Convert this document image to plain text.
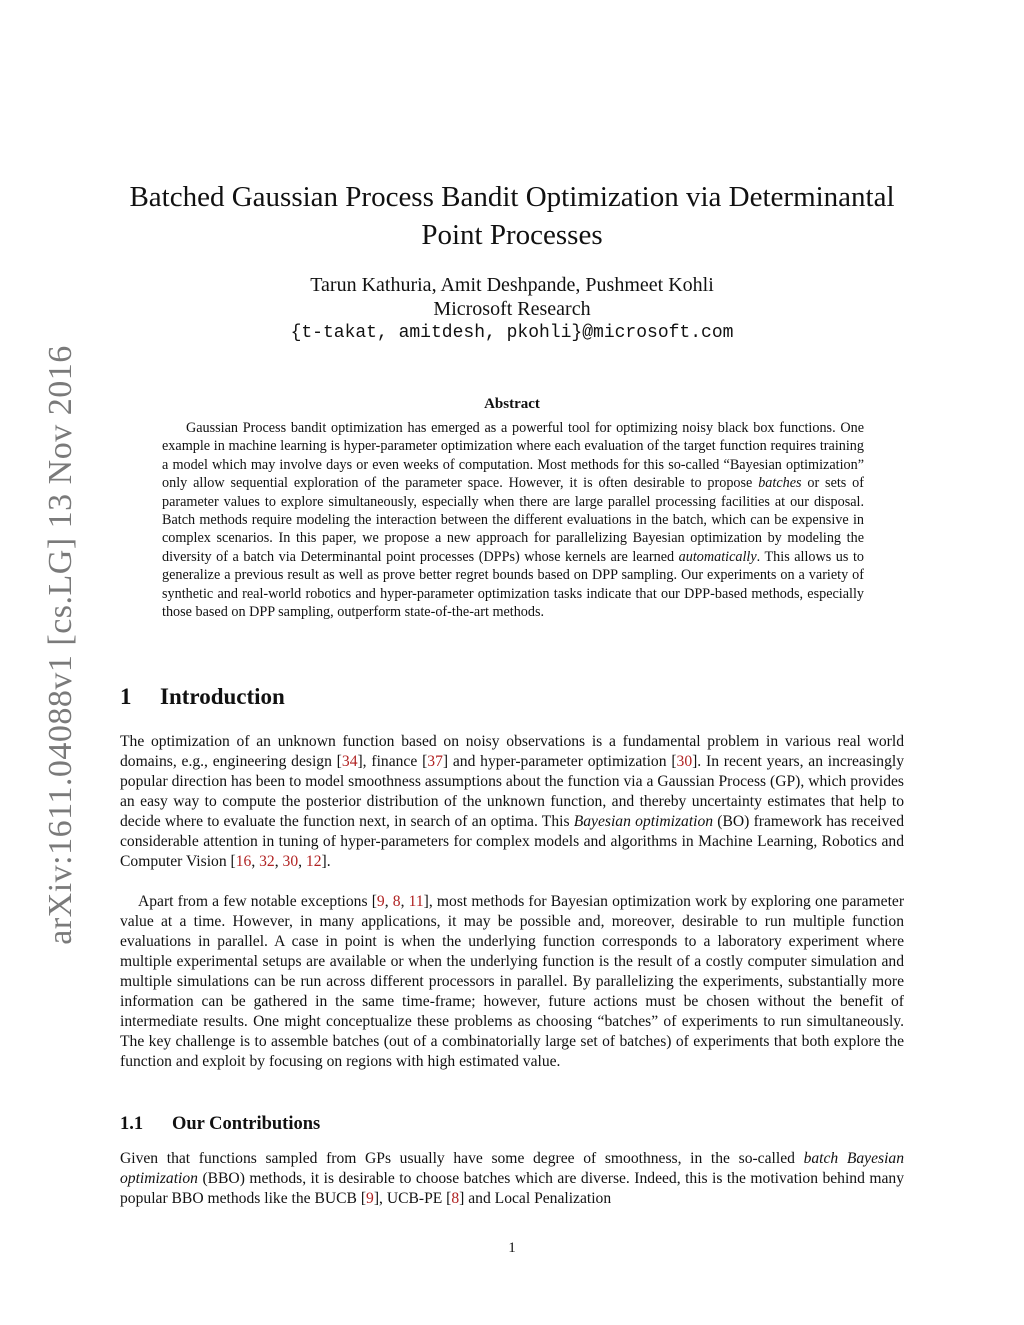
arXiv:1611.04088v1 [cs.LG] 13 Nov 2016
Batched Gaussian Process Bandit Optimization via Determinantal Point Processes
Tarun Kathuria, Amit Deshpande, Pushmeet Kohli
Microsoft Research
{t-takat, amitdesh, pkohli}@microsoft.com
Abstract

Gaussian Process bandit optimization has emerged as a powerful tool for optimizing noisy black box functions. One example in machine learning is hyper-parameter optimization where each evaluation of the target function requires training a model which may involve days or even weeks of computation. Most methods for this so-called “Bayesian optimization” only allow sequential exploration of the parameter space. However, it is often desirable to propose batches or sets of parameter values to explore simultaneously, especially when there are large parallel processing facilities at our disposal. Batch methods require modeling the interaction between the different evaluations in the batch, which can be expensive in complex scenarios. In this paper, we propose a new approach for parallelizing Bayesian optimization by modeling the diversity of a batch via Determinantal point processes (DPPs) whose kernels are learned automatically. This allows us to generalize a previous result as well as prove better regret bounds based on DPP sampling. Our experiments on a variety of synthetic and real-world robotics and hyper-parameter optimization tasks indicate that our DPP-based methods, especially those based on DPP sampling, outperform state-of-the-art methods.

1 Introduction

The optimization of an unknown function based on noisy observations is a fundamental problem in various real world domains, e.g., engineering design [34], finance [37] and hyper-parameter optimization [30]. In recent years, an increasingly popular direction has been to model smoothness assumptions about the function via a Gaussian Process (GP), which provides an easy way to compute the posterior distribution of the unknown function, and thereby uncertainty estimates that help to decide where to evaluate the function next, in search of an optima. This Bayesian optimization (BO) framework has received considerable attention in tuning of hyper-parameters for complex models and algorithms in Machine Learning, Robotics and Computer Vision [16, 32, 30, 12].

Apart from a few notable exceptions [9, 8, 11], most methods for Bayesian optimization work by exploring one parameter value at a time. However, in many applications, it may be possible and, moreover, desirable to run multiple function evaluations in parallel. A case in point is when the underlying function corresponds to a laboratory experiment where multiple experimental setups are available or when the underlying function is the result of a costly computer simulation and multiple simulations can be run across different processors in parallel. By parallelizing the experiments, substantially more information can be gathered in the same time-frame; however, future actions must be chosen without the benefit of intermediate results. One might conceptualize these problems as choosing “batches” of experiments to run simultaneously. The key challenge is to assemble batches (out of a combinatorially large set of batches) of experiments that both explore the function and exploit by focusing on regions with high estimated value.

1.1 Our Contributions

Given that functions sampled from GPs usually have some degree of smoothness, in the so-called batch Bayesian optimization (BBO) methods, it is desirable to choose batches which are diverse. Indeed, this is the motivation behind many popular BBO methods like the BUCB [9], UCB-PE [8] and Local Penalization

1
